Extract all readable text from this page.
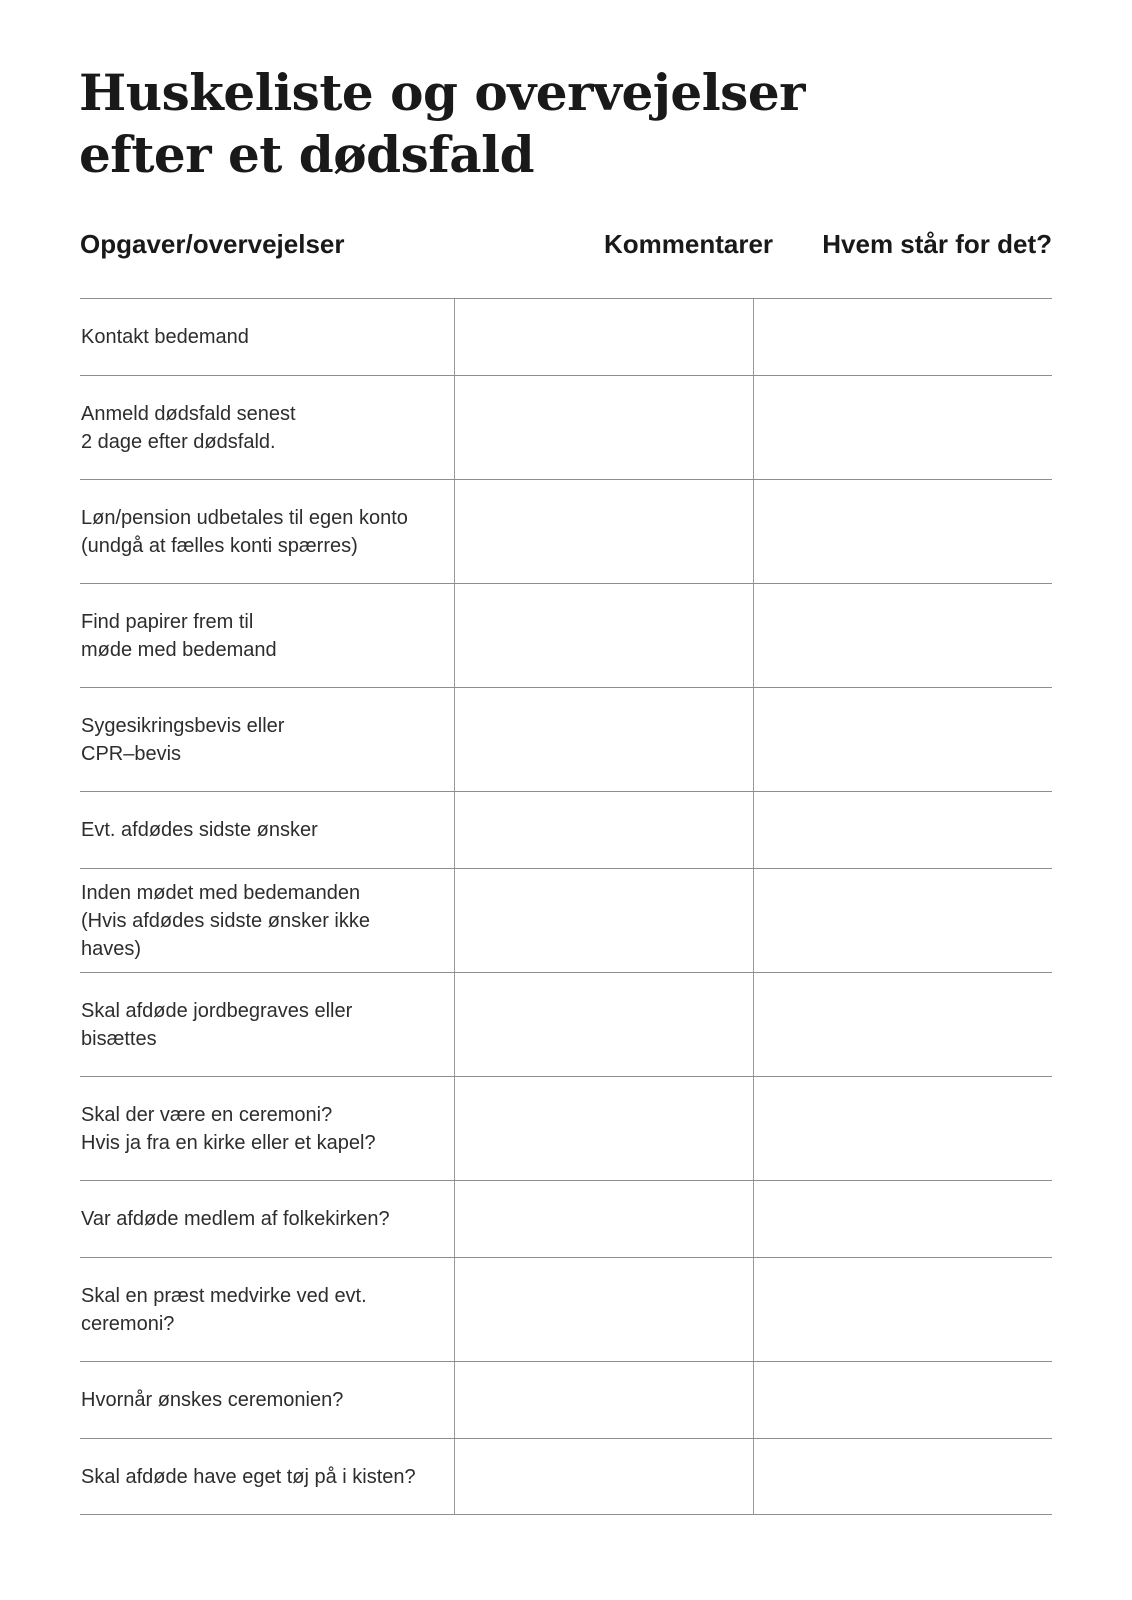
Huskeliste og overvejelser
efter et dødsfald
Opgaver/overvejelser	Kommentarer Hvem står for det?
Kontakt bedemand
Anmeld dødsfald senest
2 dage efter dødsfald.
Løn/pension udbetales til egen konto
(undgå at fælles konti spærres)
Find papirer frem til
møde med bedemand
Sygesikringsbevis eller
CPR–bevis
Evt. afdødes sidste ønsker
Inden mødet med bedemanden
(Hvis afdødes sidste ønsker ikke haves)
Skal afdøde jordbegraves eller
bisættes
Skal der være en ceremoni?
Hvis ja fra en kirke eller et kapel?
Var afdøde medlem af folkekirken?
Skal en præst medvirke ved evt.
ceremoni?
Hvornår ønskes ceremonien?
Skal afdøde have eget tøj på i kisten?
